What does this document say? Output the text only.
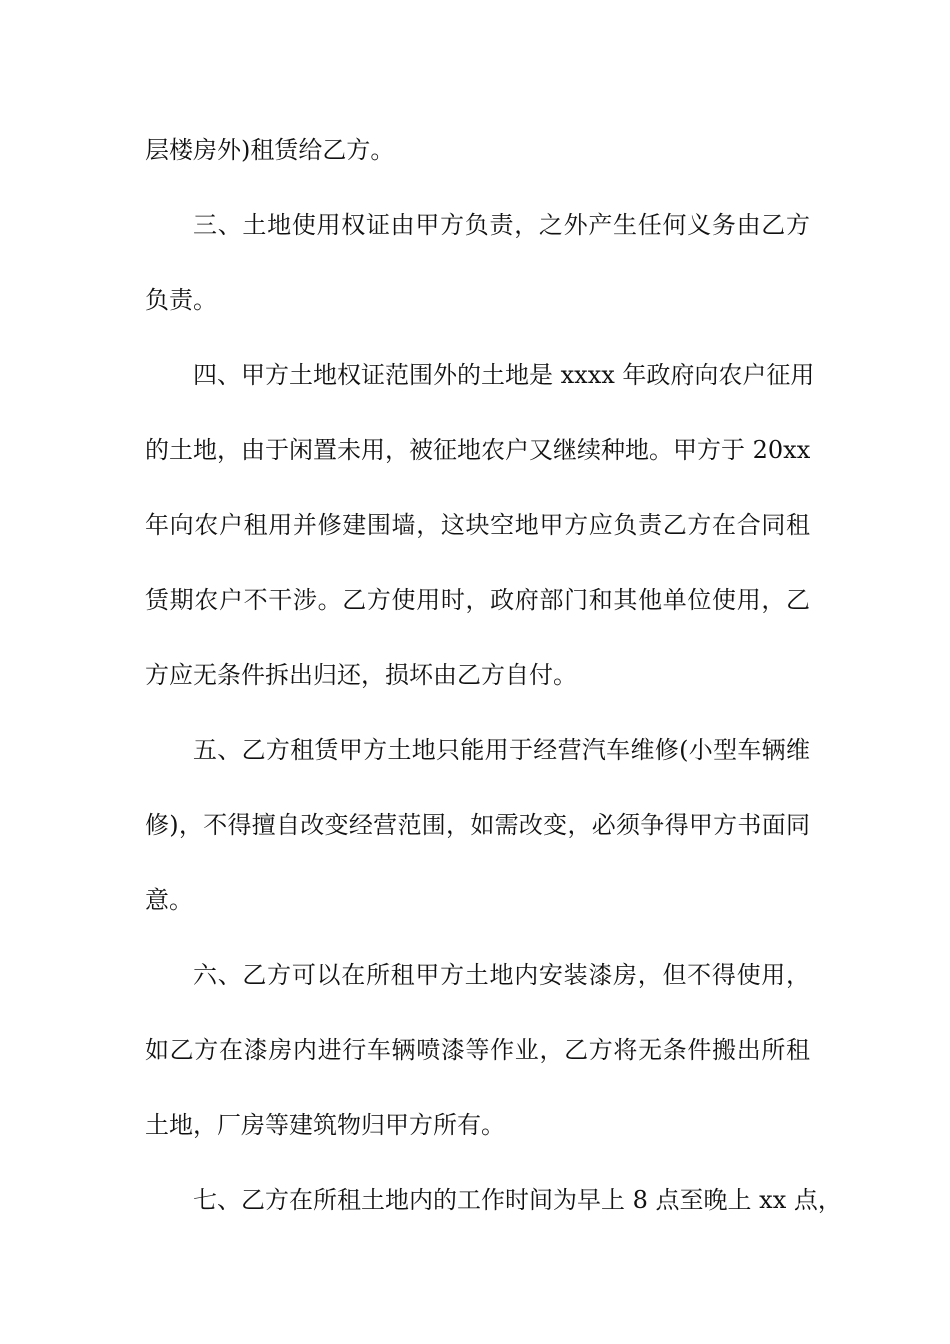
层楼房外)租赁给乙方。
三、土地使用权证由甲方负责，之外产生任何义务由乙方
负责。
四、甲方土地权证范围外的土地是 xxxx 年政府向农户征用
的土地，由于闲置未用，被征地农户又继续种地。甲方于 20xx
年向农户租用并修建围墙，这块空地甲方应负责乙方在合同租
赁期农户不干涉。乙方使用时，政府部门和其他单位使用，乙
方应无条件拆出归还，损坏由乙方自付。
五、乙方租赁甲方土地只能用于经营汽车维修(小型车辆维
修)，不得擅自改变经营范围，如需改变，必须争得甲方书面同
意。
六、乙方可以在所租甲方土地内安装漆房，但不得使用，
如乙方在漆房内进行车辆喷漆等作业，乙方将无条件搬出所租
土地，厂房等建筑物归甲方所有。
七、乙方在所租土地内的工作时间为早上 8 点至晚上 xx 点，
